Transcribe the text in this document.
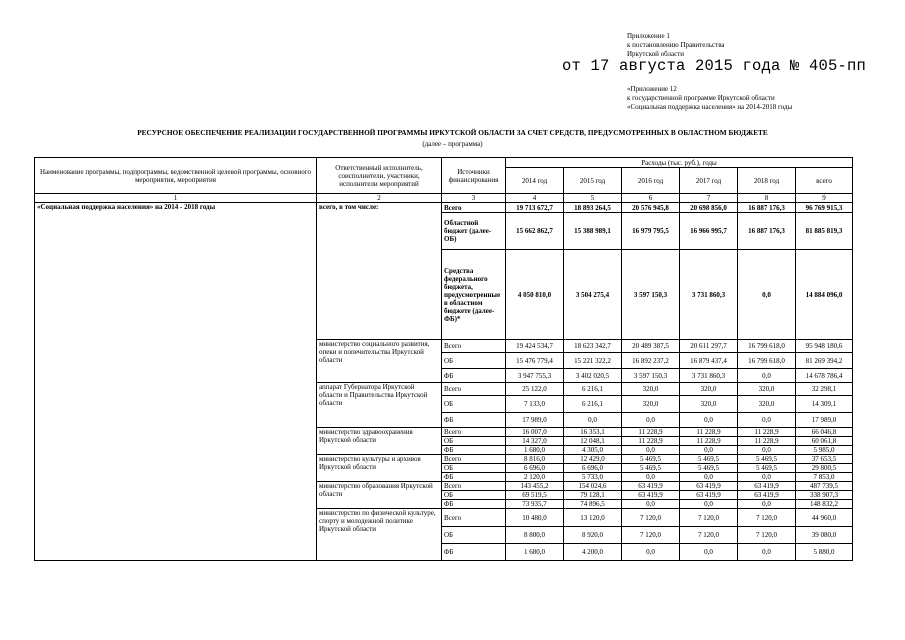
Приложение 1
к постановлению Правительства
Иркутской области
от 17 августа 2015 года № 405-пп
«Приложение 12
к государственной программе Иркутской области
«Социальная поддержка населения» на 2014-2018 годы
РЕСУРСНОЕ ОБЕСПЕЧЕНИЕ РЕАЛИЗАЦИИ ГОСУДАРСТВЕННОЙ ПРОГРАММЫ ИРКУТСКОЙ ОБЛАСТИ ЗА СЧЕТ СРЕДСТВ, ПРЕДУСМОТРЕННЫХ В ОБЛАСТНОМ БЮДЖЕТЕ
(далее – программа)
Наименование программы, подпрограммы, ведомственной целевой программы, основного мероприятия, мероприятия	Ответственный исполнитель, соисполнители, участники, исполнители мероприятий	Источники финансирования	Расходы (тыс. руб.), годы					
			2014 год	2015 год	2016 год	2017 год	2018 год	всего
1	2	3	4	5	6	7	8	9
«Социальная поддержка населения» на 2014 - 2018 годы	всего, в том числе:	Всего	19 713 672,7	18 893 264,5	20 576 945,8	20 698 856,0	16 887 176,3	96 769 915,3
		Областной бюджет (далее- ОБ)	15 662 862,7	15 388 989,1	16 979 795,5	16 966 995,7	16 887 176,3	81 885 819,3
		Средства федерального бюджета, предусмотренные в областном бюджете (далее- ФБ)*	4 050 810,0	3 504 275,4	3 597 150,3	3 731 860,3	0,0	14 884 096,0
	министерство социального развития, опеки и попечительства Иркутской области	Всего	19 424 534,7	18 623 342,7	20 489 387,5	20 611 297,7	16 799 618,0	95 948 180,6
		ОБ	15 476 779,4	15 221 322,2	16 892 237,2	16 879 437,4	16 799 618,0	81 269 394,2
		ФБ	3 947 755,3	3 402 020,5	3 597 150,3	3 731 860,3	0,0	14 678 786,4
	аппарат Губернатора Иркутской области и Правительства Иркутской области	Всего	25 122,0	6 216,1	320,0	320,0	320,0	32 298,1
		ОБ	7 133,0	6 216,1	320,0	320,0	320,0	14 309,1
		ФБ	17 989,0	0,0	0,0	0,0	0,0	17 989,0
	министерство здравоохранения Иркутской области	Всего	16 007,0	16 353,1	11 228,9	11 228,9	11 228,9	66 046,8
		ОБ	14 327,0	12 048,1	11 228,9	11 228,9	11 228,9	60 061,8
		ФБ	1 680,0	4 305,0	0,0	0,0	0,0	5 985,0
	министерство культуры и архивов Иркутской области	Всего	8 816,0	12 429,0	5 469,5	5 469,5	5 469,5	37 653,5
		ОБ	6 696,0	6 696,0	5 469,5	5 469,5	5 469,5	29 800,5
		ФБ	2 120,0	5 733,0	0,0	0,0	0,0	7 853,0
	министерство образования Иркутской области	Всего	143 455,2	154 024,6	63 419,9	63 419,9	63 419,9	487 739,5
		ОБ	69 519,5	79 128,1	63 419,9	63 419,9	63 419,9	338 907,3
		ФБ	73 935,7	74 896,5	0,0	0,0	0,0	148 832,2
	министерство по физической культуре, спорту и молодежной политике Иркутской области	Всего	10 480,0	13 120,0	7 120,0	7 120,0	7 120,0	44 960,0
		ОБ	8 800,0	8 920,0	7 120,0	7 120,0	7 120,0	39 080,0
		ФБ	1 680,0	4 200,0	0,0	0,0	0,0	5 880,0
